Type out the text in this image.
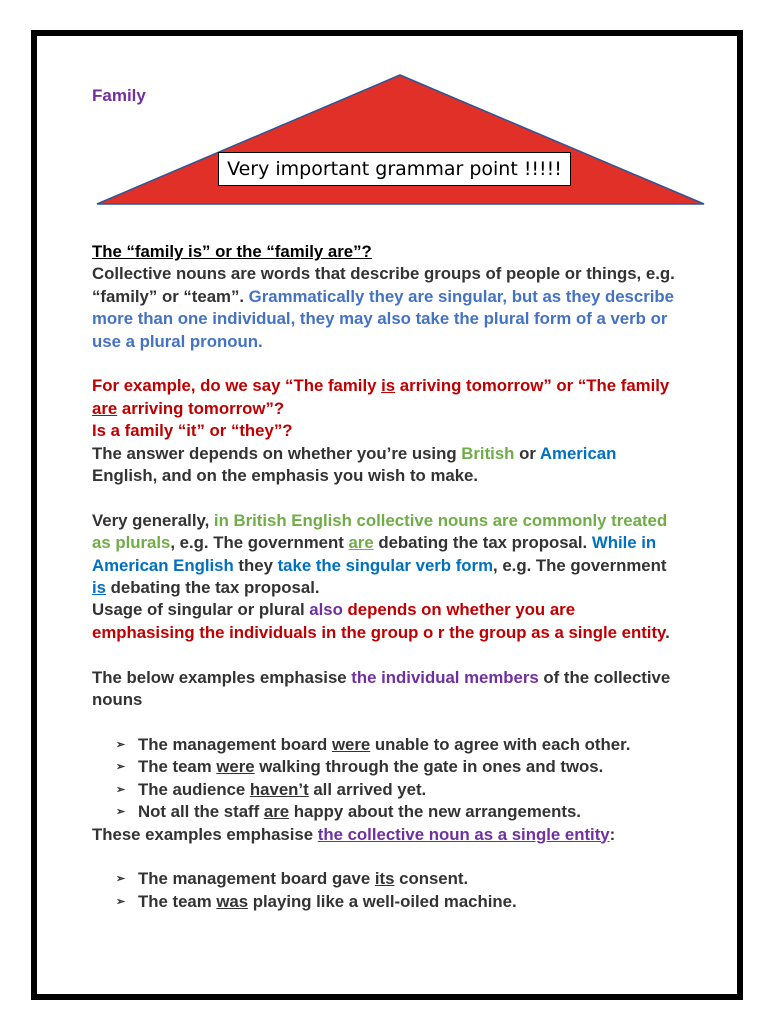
Family
Very important grammar point !!!!!

The “family is” or the “family are”?

Collective nouns are words that describe groups of people or things, e.g. “family” or “team”. Grammatically they are singular, but as they describe more than one individual, they may also take the plural form of a verb or use a plural pronoun.

For example, do we say “The family is arriving tomorrow” or “The family are arriving tomorrow”?

Is a family “it” or “they”?

The answer depends on whether you’re using British or American English, and on the emphasis you wish to make.

Very generally, in British English collective nouns are commonly treated as plurals, e.g. The government are debating the tax proposal. While in American English they take the singular verb form, e.g. The government is debating the tax proposal.

Usage of singular or plural also depends on whether you are emphasising the individuals in the group o r the group as a single entity.

The below examples emphasise the individual members of the collective nouns

➢ The management board were unable to agree with each other.
➢ The team were walking through the gate in ones and twos.
➢ The audience haven’t all arrived yet.
➢ Not all the staff are happy about the new arrangements.

These examples emphasise the collective noun as a single entity:

➢ The management board gave its consent.
➢ The team was playing like a well-oiled machine.
